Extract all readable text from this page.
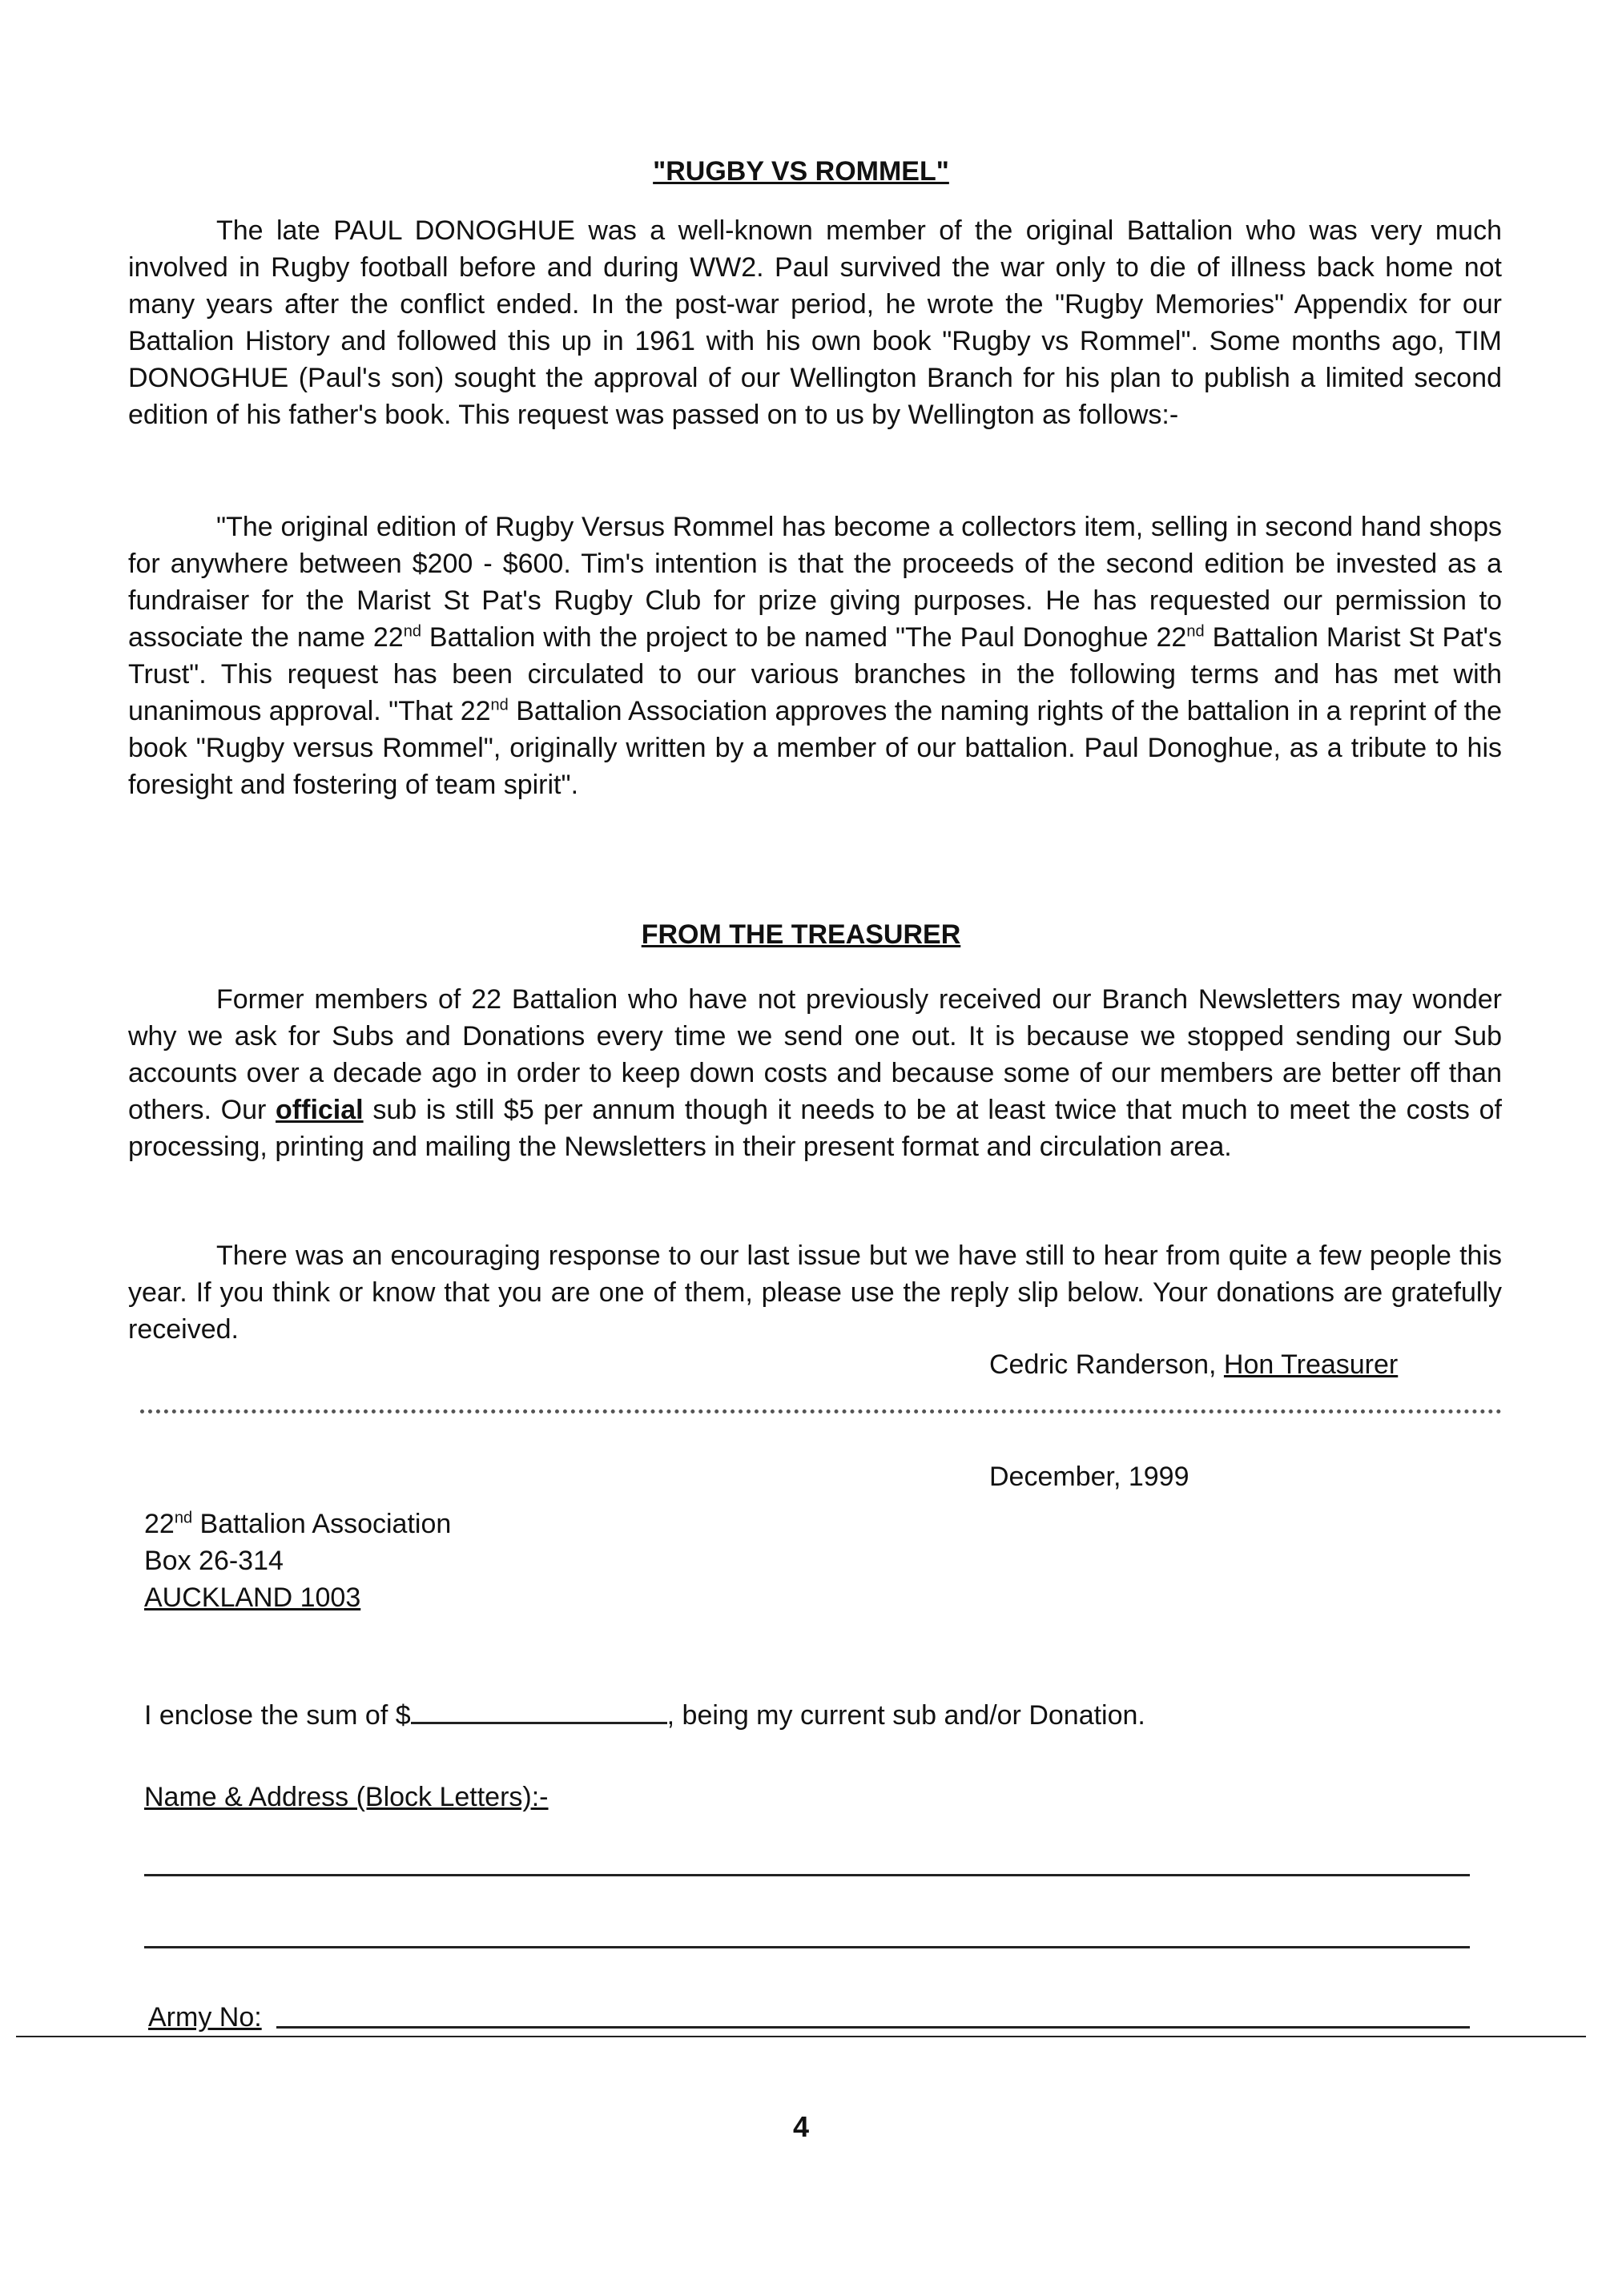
"RUGBY VS ROMMEL"
The late PAUL DONOGHUE was a well-known member of the original Battalion who was very much involved in Rugby football before and during WW2. Paul survived the war only to die of illness back home not many years after the conflict ended. In the post-war period, he wrote the "Rugby Memories" Appendix for our Battalion History and followed this up in 1961 with his own book "Rugby vs Rommel". Some months ago, TIM DONOGHUE (Paul's son) sought the approval of our Wellington Branch for his plan to publish a limited second edition of his father's book. This request was passed on to us by Wellington as follows:-
"The original edition of Rugby Versus Rommel has become a collectors item, selling in second hand shops for anywhere between $200 - $600. Tim's intention is that the proceeds of the second edition be invested as a fundraiser for the Marist St Pat's Rugby Club for prize giving purposes. He has requested our permission to associate the name 22nd Battalion with the project to be named "The Paul Donoghue 22nd Battalion Marist St Pat's Trust". This request has been circulated to our various branches in the following terms and has met with unanimous approval. "That 22nd Battalion Association approves the naming rights of the battalion in a reprint of the book "Rugby versus Rommel", originally written by a member of our battalion. Paul Donoghue, as a tribute to his foresight and fostering of team spirit".
FROM THE TREASURER
Former members of 22 Battalion who have not previously received our Branch Newsletters may wonder why we ask for Subs and Donations every time we send one out. It is because we stopped sending our Sub accounts over a decade ago in order to keep down costs and because some of our members are better off than others. Our official sub is still $5 per annum though it needs to be at least twice that much to meet the costs of processing, printing and mailing the Newsletters in their present format and circulation area.
There was an encouraging response to our last issue but we have still to hear from quite a few people this year. If you think or know that you are one of them, please use the reply slip below. Your donations are gratefully received.
Cedric Randerson, Hon Treasurer
December, 1999
22nd Battalion Association
Box 26-314
AUCKLAND 1003
I enclose the sum of $	, being my current sub and/or Donation.
Name & Address (Block Letters):-
Army No:
4
